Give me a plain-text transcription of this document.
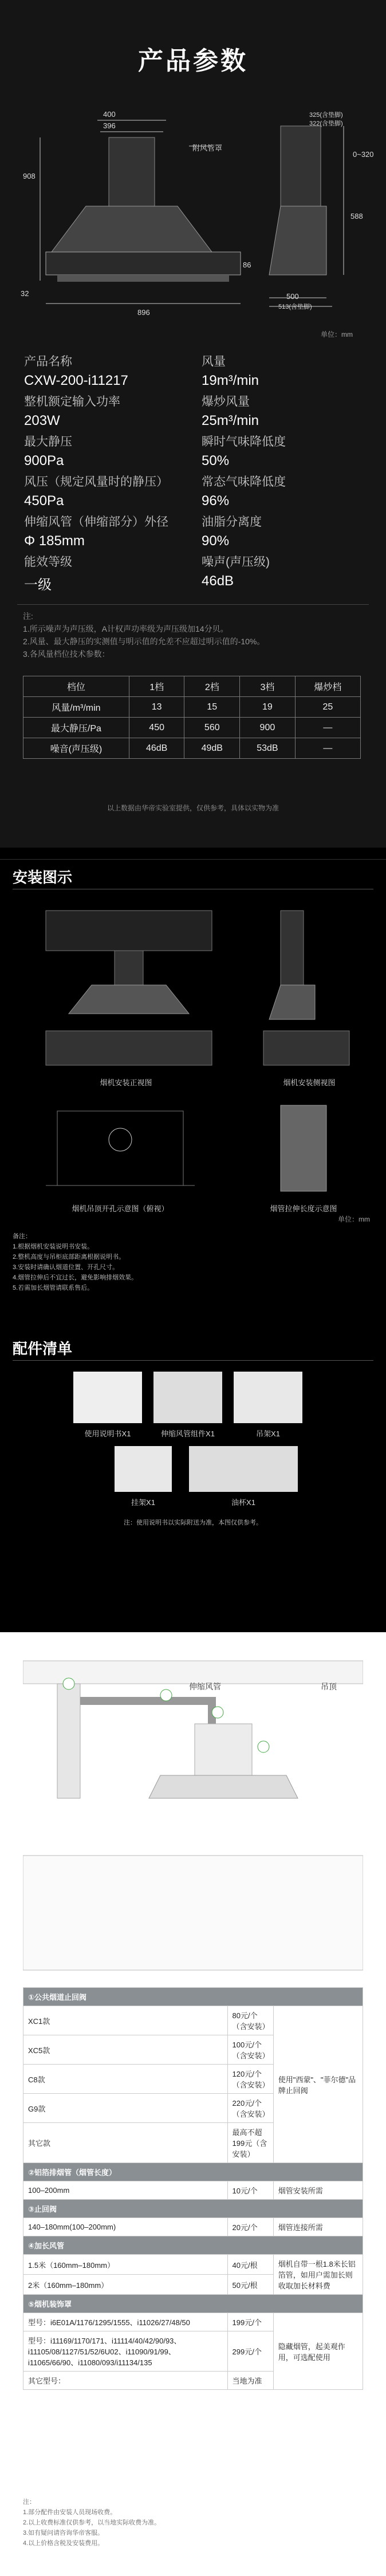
产品参数
400
396
附风管罩
908
86
32
896
325(含垫脚)
322(含垫脚)
0~320
588
500
513(含垫脚)
单位：mm
产品名称
CXW-200-i11217
风量
19m³/min
整机额定输入功率
203W
爆炒风量
25m³/min
最大静压
900Pa
瞬时气味降低度
50%
风压（规定风量时的静压）
450Pa
常态气味降低度
96%
伸缩风管（伸缩部分）外径
Φ 185mm
油脂分离度
90%
能效等级
一级
噪声(声压级)
46dB
注:
1.所示噪声为声压级，A计权声功率级为声压级加14分贝。
2.风量、最大静压的实测值与明示值的允差不应超过明示值的-10%。
3.各风量档位技术参数：
档位	1档	2档	3档	爆炒档
风量/m³/min	13	15	19	25
最大静压/Pa	450	560	900	—
噪音(声压级)	46dB	49dB	53dB	—
以上数据由华帝实验室提供，仅供参考，具体以实物为准
安装图示
烟机安装正视图	烟机安装侧视图
烟机吊顶开孔示意图（俯视）	烟管拉伸长度示意图
单位：mm
备注：
1.根据烟机安装说明书安装。
2.整机高度与吊柜底部距离根据说明书。
3.安装时请确认烟道位置、开孔尺寸。
4.烟管拉伸后不宜过长，避免影响排烟效果。
5.若需加长烟管请联系售后。
配件清单
使用说明书X1	伸缩风管组件X1	吊架X1
挂架X1	油杯X1
注：使用说明书以实际附送为准，本图仅供参考。
伸缩风管	吊顶
①公共烟道止回阀		
XC1款	80元/个（含安装）	使用"西蒙"、"菲尔德"品牌止回阀
XC5款	100元/个（含安装）	
C8款	120元/个（含安装）	
G9款	220元/个（含安装）	
其它款	最高不超199元（含安装）	
②铝箔排烟管（烟管长度）		
100–200mm	10元/个	烟管安装所需
③止回阀		
140–180mm(100–200mm)	20元/个	烟管连接所需
④加长风管		
1.5米（160mm–180mm）	40元/根	烟机自带一根1.8米长铝箔管，如用户需加长则收取加长材料费
2米（160mm–180mm）	50元/根	
⑤烟机装饰罩		
型号：i6E01A/1176/1295/1555、i11026/27/48/50	199元/个	隐藏烟管，起美观作用，可选配使用
型号：i11169/1170/171、i11114/40/42/90/93、i11105/08/1127/51/52/6U02、i11090/91/99、i11065/66/90、i11080/093/i11134/135	299元/个	
其它型号：	当地为准	
注：
1.部分配件由安装人员现场收费。
2.以上收费标准仅供参考，以当地实际收费为准。
3.如有疑问请咨询华帝客服。
4.以上价格含税及安装费用。
